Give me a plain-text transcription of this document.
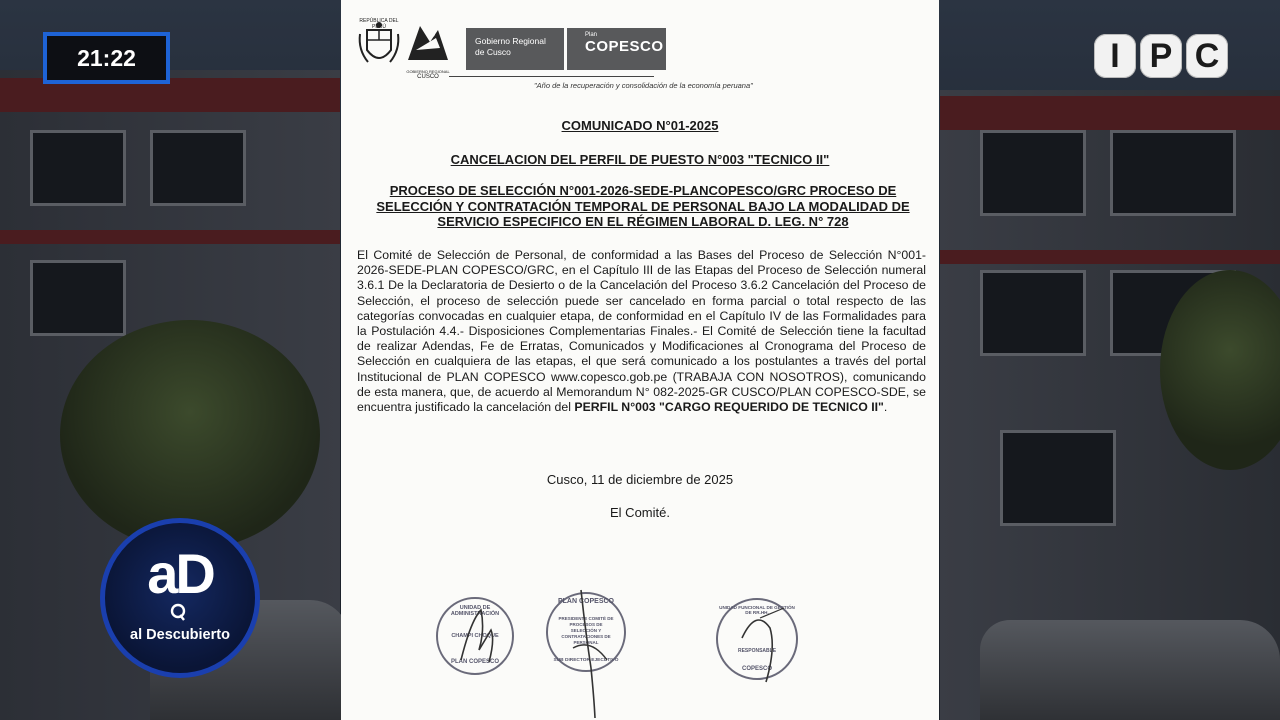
REPÚBLICA DEL PERÚ
GOBIERNO REGIONAL
CUSCO
Gobierno Regional
de Cusco
Plan
COPESCO
"Año de la recuperación y consolidación de la economía peruana"
COMUNICADO N°01-2025
CANCELACION DEL PERFIL DE PUESTO N°003 "TECNICO II"
PROCESO DE SELECCIÓN N°001-2026-SEDE-PLANCOPESCO/GRC PROCESO DE SELECCIÓN Y CONTRATACIÓN TEMPORAL DE PERSONAL BAJO LA MODALIDAD DE SERVICIO ESPECIFICO EN EL RÉGIMEN LABORAL D. LEG. N° 728
El Comité de Selección de Personal, de conformidad a las Bases del Proceso de Selección N°001-2026-SEDE-PLAN COPESCO/GRC, en el Capítulo III de las Etapas del Proceso de Selección numeral 3.6.1 De la Declaratoria de Desierto o de la Cancelación del Proceso 3.6.2 Cancelación del Proceso de Selección, el proceso de selección puede ser cancelado en forma parcial o total respecto de las categorías convocadas en cualquier etapa, de conformidad en el Capítulo IV de las Formalidades para la Postulación 4.4.- Disposiciones Complementarias Finales.- El Comité de Selección tiene la facultad de realizar Adendas, Fe de Erratas, Comunicados y Modificaciones al Cronograma del Proceso de Selección en cualquiera de las etapas, el que será comunicado a los postulantes a través del portal Institucional de PLAN COPESCO www.copesco.gob.pe (TRABAJA CON NOSOTROS), comunicando de esta manera, que, de acuerdo al Memorandum N° 082-2025-GR CUSCO/PLAN COPESCO-SDE, se encuentra justificado la cancelación del PERFIL N°003 "CARGO REQUERIDO DE TECNICO II".
Cusco, 11 de diciembre de 2025
El Comité.
UNIDAD DE ADMINISTRACIÓN
CHAMPI CHOQUE
PLAN COPESCO
PLAN COPESCO
PRESIDENTE COMITÉ DE PROCESOS DE SELECCIÓN Y CONTRATACIONES DE PERSONAL
SUB DIRECTOR EJECUTIVO
UNIDAD FUNCIONAL DE GESTIÓN DE RR.HH.
RESPONSABLE
COPESCO
21:22	I P C
aD
al Descubierto
